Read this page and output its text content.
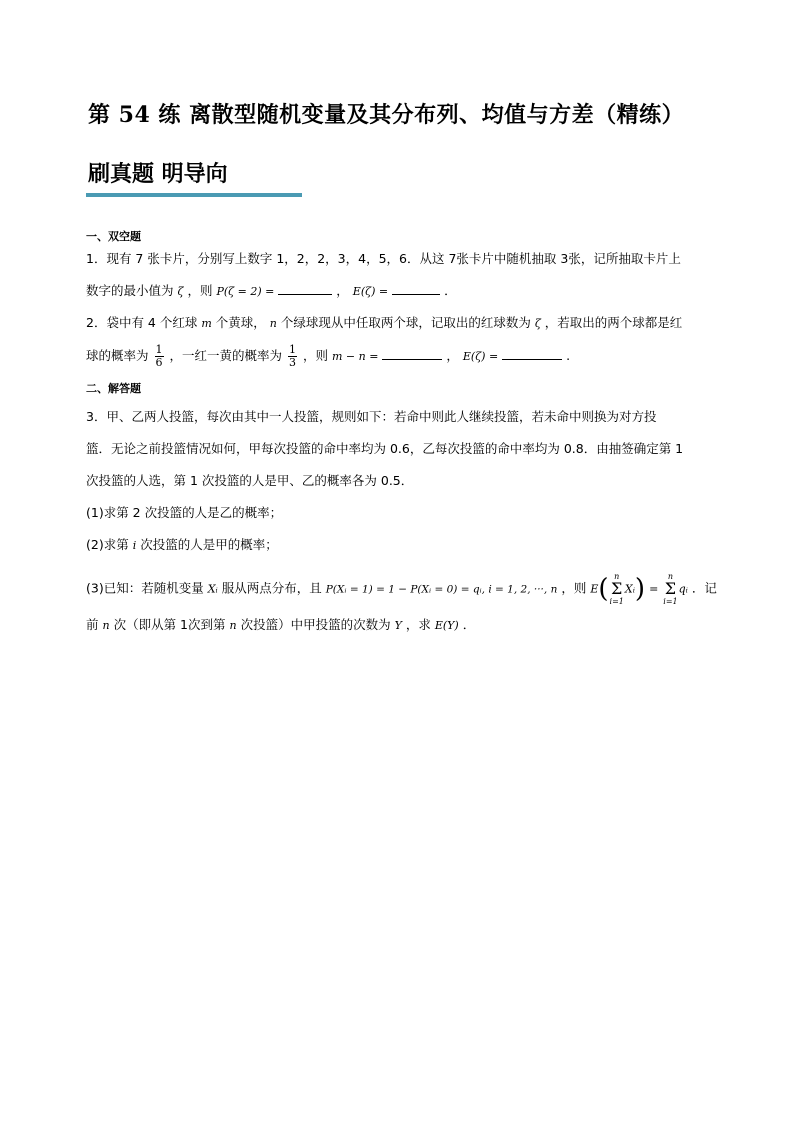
第 54 练 离散型随机变量及其分布列、均值与方差（精练）
刷真题 明导向
一、双空题
1．现有 7 张卡片，分别写上数字 1，2，2，3，4，5，6．从这 7张卡片中随机抽取 3张，记所抽取卡片上
数字的最小值为 ζ ，则 P(ζ = 2) =	， E(ζ) =	．
2．袋中有 4 个红球 m 个黄球， n 个绿球现从中任取两个球，记取出的红球数为 ζ ，若取出的两个球都是红
球的概率为 $\frac{1}{6}$ ，一红一黄的概率为 $\frac{1}{3}$ ，则 m − n =	， E(ζ) =	.
二、解答题
3．甲、乙两人投篮，每次由其中一人投篮，规则如下：若命中则此人继续投篮，若未命中则换为对方投
篮．无论之前投篮情况如何，甲每次投篮的命中率均为 0.6，乙每次投篮的命中率均为 0.8．由抽签确定第 1
次投篮的人选，第 1 次投篮的人是甲、乙的概率各为 0.5．
(1)求第 2 次投篮的人是乙的概率；
(2)求第 i 次投篮的人是甲的概率；
(3)已知：若随机变量 Xᵢ 服从两点分布，且 P(Xᵢ = 1) = 1 − P(Xᵢ = 0) = qᵢ, i = 1, 2, ···, n ，则 E( n
Σ
i=1
Xᵢ) =
n
Σ
i=1
qᵢ ．记
前 n 次（即从第 1次到第 n 次投篮）中甲投篮的次数为 Y ，求 E(Y) ．
